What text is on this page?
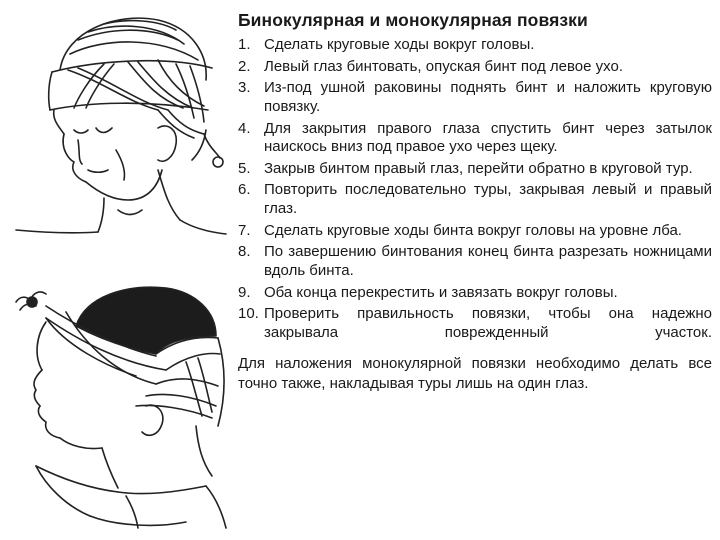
Бинокулярная и монокулярная повязки
1. Сделать круговые ходы вокруг головы.
2. Левый глаз бинтовать, опуская бинт под левое ухо.
3. Из-под ушной раковины поднять бинт и наложить круговую повязку.
4. Для закрытия правого глаза спустить бинт через затылок наискось вниз под правое ухо через щеку.
5. Закрыв бинтом правый глаз, перейти обратно в круговой тур.
6. Повторить последовательно туры, закрывая левый и правый глаз.
7. Сделать круговые ходы бинта вокруг головы на уровне лба.
8. По завершению бинтования конец бинта разрезать ножницами вдоль бинта.
9. Оба конца перекрестить и завязать вокруг головы.
10. Проверить правильность повязки, чтобы она надежно закрывала поврежденный участок.
Для наложения монокулярной повязки необходимо делать все точно также, накладывая туры лишь на один глаз.
